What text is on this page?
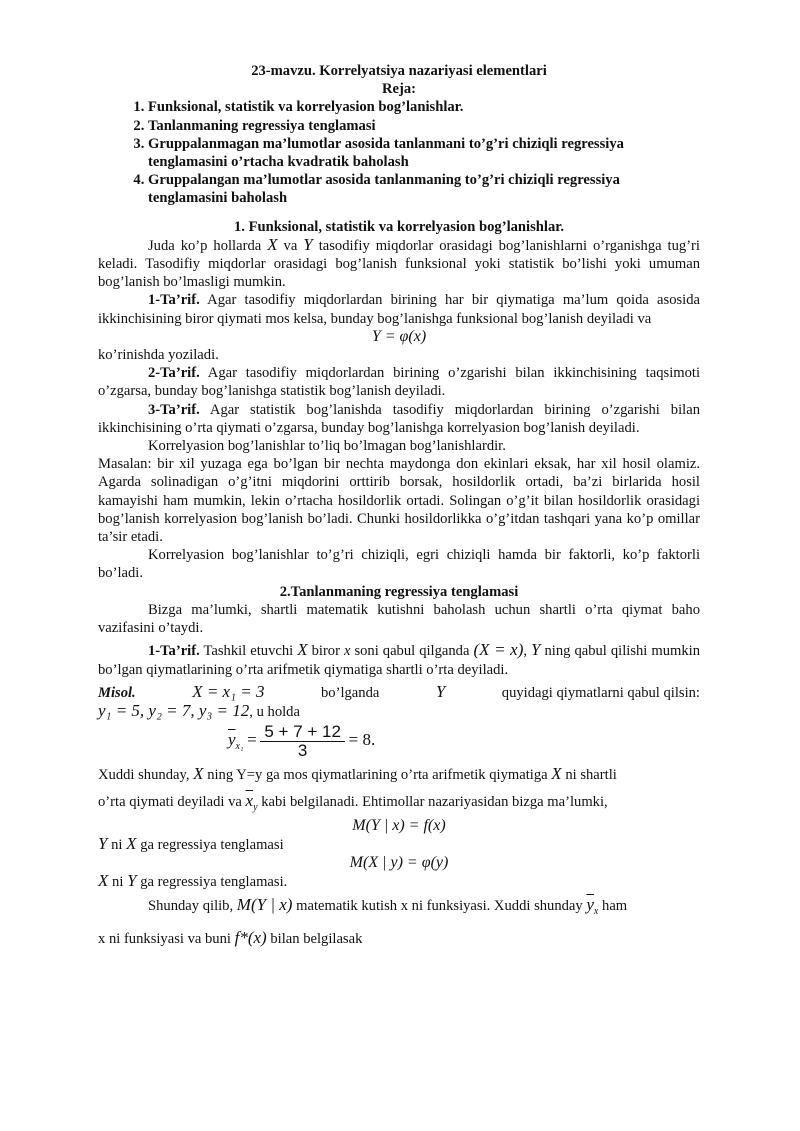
23-mavzu. Korrelyatsiya nazariyasi elementlari

Reja:

1. Funksional, statistik va korrelyasion bog’lanishlar.
2. Tanlanmaning regressiya tenglamasi
3. Gruppalanmagan ma’lumotlar asosida tanlanmani to’g’ri chiziqli regressiya tenglamasini o’rtacha kvadratik baholash
4. Gruppalangan ma’lumotlar asosida tanlanmaning to’g’ri chiziqli regressiya tenglamasini baholash

1. Funksional, statistik va korrelyasion bog’lanishlar.

Juda ko’p hollarda X va Y tasodifiy miqdorlar orasidagi bog’lanishlarni o’rganishga tug’ri keladi. Tasodifiy miqdorlar orasidagi bog’lanish funksional yoki statistik bo’lishi yoki umuman bog’lanish bo’lmasligi mumkin.

1-Ta’rif. Agar tasodifiy miqdorlardan birining har bir qiymatiga ma’lum qoida asosida ikkinchisining biror qiymati mos kelsa, bunday bog’lanishga funksional bog’lanish deyiladi va

Y = φ(x)

ko’rinishda yoziladi.

2-Ta’rif. Agar tasodifiy miqdorlardan birining o’zgarishi bilan ikkinchisining taqsimoti o’zgarsa, bunday bog’lanishga statistik bog’lanish deyiladi.

3-Ta’rif. Agar statistik bog’lanishda tasodifiy miqdorlardan birining o’zgarishi bilan ikkinchisining o’rta qiymati o’zgarsa, bunday bog’lanishga korrelyasion bog’lanish deyiladi.

Korrelyasion bog’lanishlar to’liq bo’lmagan bog’lanishlardir.

Masalan: bir xil yuzaga ega bo’lgan bir nechta maydonga don ekinlari eksak, har xil hosil olamiz. Agarda solinadigan o’g’itni miqdorini orttirib borsak, hosildorlik ortadi, ba’zi birlarida hosil kamayishi ham mumkin, lekin o’rtacha hosildorlik ortadi. Solingan o’g’it bilan hosildorlik orasidagi bog’lanish korrelyasion bog’lanish bo’ladi. Chunki hosildorlikka o’g’itdan tashqari yana ko’p omillar ta’sir etadi.

Korrelyasion bog’lanishlar to’g’ri chiziqli, egri chiziqli hamda bir faktorli, ko’p faktorli bo’ladi.

2.Tanlanmaning regressiya tenglamasi

Bizga ma’lumki, shartli matematik kutishni baholash uchun shartli o’rta qiymat baho vazifasini o’taydi.

1-Ta’rif. Tashkil etuvchi X biror x soni qabul qilganda (X = x), Y ning qabul qilishi mumkin bo’lgan qiymatlarining o’rta arifmetik qiymatiga shartli o’rta deyiladi.

Misol.	X = x₁ = 3	bo’lganda	Y	quyidagi qiymatlarni qabul qilsin:

y₁ = 5, y₂ = 7, y₃ = 12, u holda

$\overline{y}_{x_1} = \frac{5 + 7 + 12}{3} = 8$.

Xuddi shunday, X ning Y=y ga mos qiymatlarining o’rta arifmetik qiymatiga X ni shartli

o’rta qiymati deyiladi va $\overline{x}_y$ kabi belgilanadi. Ehtimollar nazariyasidan bizga ma’lumki,

M(Y | x) = f(x)

Y ni X ga regressiya tenglamasi

M(X | y) = φ(y)

X ni Y ga regressiya tenglamasi.

Shunday qilib, M(Y | x) matematik kutish x ni funksiyasi. Xuddi shunday $\overline{y}_x$ ham

x ni funksiyasi va buni f*(x) bilan belgilasak
